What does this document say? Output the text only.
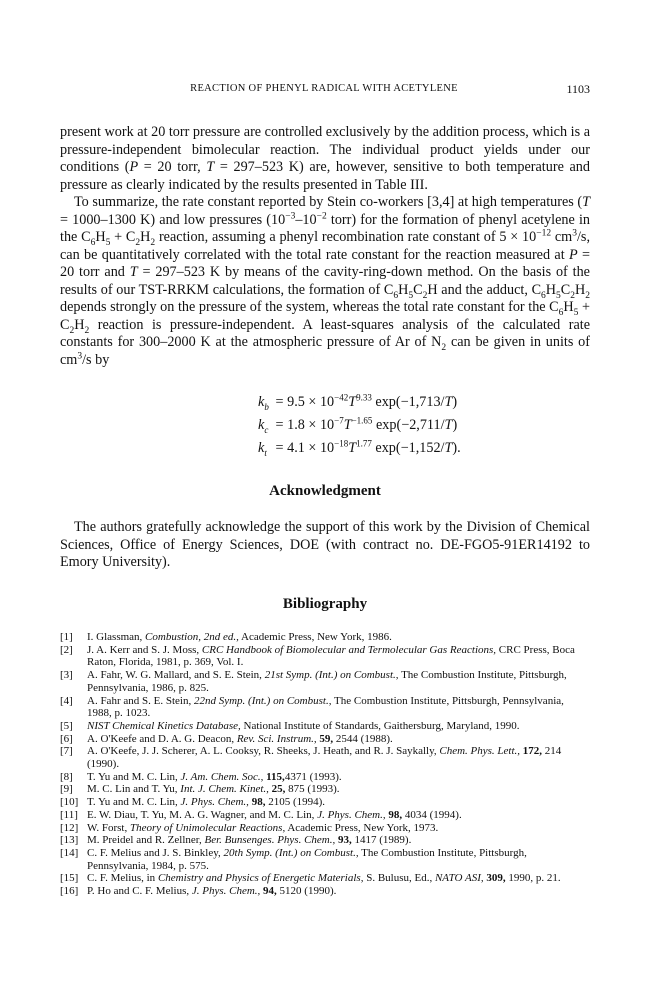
REACTION OF PHENYL RADICAL WITH ACETYLENE	1103

present work at 20 torr pressure are controlled exclusively by the addition process, which is a pressure-independent bimolecular reaction. The individual product yields under our conditions (P = 20 torr, T = 297–523 K) are, however, sensitive to both temperature and pressure as clearly indicated by the results presented in Table III.

To summarize, the rate constant reported by Stein co-workers [3,4] at high temperatures (T = 1000–1300 K) and low pressures ($10^{-3}-10^{-2}$ torr) for the formation of phenyl acetylene in the $C_6H_5 + C_2H_2$ reaction, assuming a phenyl recombination rate constant of $5 \times 10^{-12}$ $cm^3/s$, can be quantitatively correlated with the total rate constant for the reaction measured at P = 20 torr and T = 297–523 K by means of the cavity-ring-down method. On the basis of the results of our TST-RRKM calculations, the formation of $C_6H_5C_2H$ and the adduct, $C_6H_5C_2H_2$ depends strongly on the pressure of the system, whereas the total rate constant for the $C_6H_5 + C_2H_2$ reaction is pressure-independent. A least-squares analysis of the calculated rate constants for 300–2000 K at the atmospheric pressure of Ar of $N_2$ can be given in units of $cm^3/s$ by

$k_b = 9.5 \times 10^{-42}T^{9.33}$ exp(−1,713/T)
$k_c = 1.8 \times 10^{-7}T^{-1.65}$ exp(−2,711/T)
$k_t = 4.1 \times 10^{-18}T^{1.77}$ exp(−1,152/T).
Acknowledgment

The authors gratefully acknowledge the support of this work by the Division of Chemical Sciences, Office of Energy Sciences, DOE (with contract no. DE-FGO5-91ER14192 to Emory University).

Bibliography

[1] I. Glassman, Combustion, 2nd ed., Academic Press, New York, 1986.

[2] J. A. Kerr and S. J. Moss, CRC Handbook of Biomolecular and Termolecular Gas Reactions, CRC Press, Boca Raton, Florida, 1981, p. 369, Vol. I.

[3] A. Fahr, W. G. Mallard, and S. E. Stein, 21st Symp. (Int.) on Combust., The Combustion Institute, Pittsburgh, Pennsylvania, 1986, p. 825.

[4] A. Fahr and S. E. Stein, 22nd Symp. (Int.) on Combust., The Combustion Institute, Pittsburgh, Pennsylvania, 1988, p. 1023.

[5] NIST Chemical Kinetics Database, National Institute of Standards, Gaithersburg, Maryland, 1990.

[6] A. O'Keefe and D. A. G. Deacon, Rev. Sci. Instrum., 59, 2544 (1988).

[7] A. O'Keefe, J. J. Scherer, A. L. Cooksy, R. Sheeks, J. Heath, and R. J. Saykally, Chem. Phys. Lett., 172, 214 (1990).

[8] T. Yu and M. C. Lin, J. Am. Chem. Soc., 115,4371 (1993).

[9] M. C. Lin and T. Yu, Int. J. Chem. Kinet., 25, 875 (1993).

[10] T. Yu and M. C. Lin, J. Phys. Chem., 98, 2105 (1994).

[11] E. W. Diau, T. Yu, M. A. G. Wagner, and M. C. Lin, J. Phys. Chem., 98, 4034 (1994).

[12] W. Forst, Theory of Unimolecular Reactions, Academic Press, New York, 1973.

[13] M. Preidel and R. Zellner, Ber. Bunsenges. Phys. Chem., 93, 1417 (1989).

[14] C. F. Melius and J. S. Binkley, 20th Symp. (Int.) on Combust., The Combustion Institute, Pittsburgh, Pennsylvania, 1984, p. 575.

[15] C. F. Melius, in Chemistry and Physics of Energetic Materials, S. Bulusu, Ed., NATO ASI, 309, 1990, p. 21.

[16] P. Ho and C. F. Melius, J. Phys. Chem., 94, 5120 (1990).
